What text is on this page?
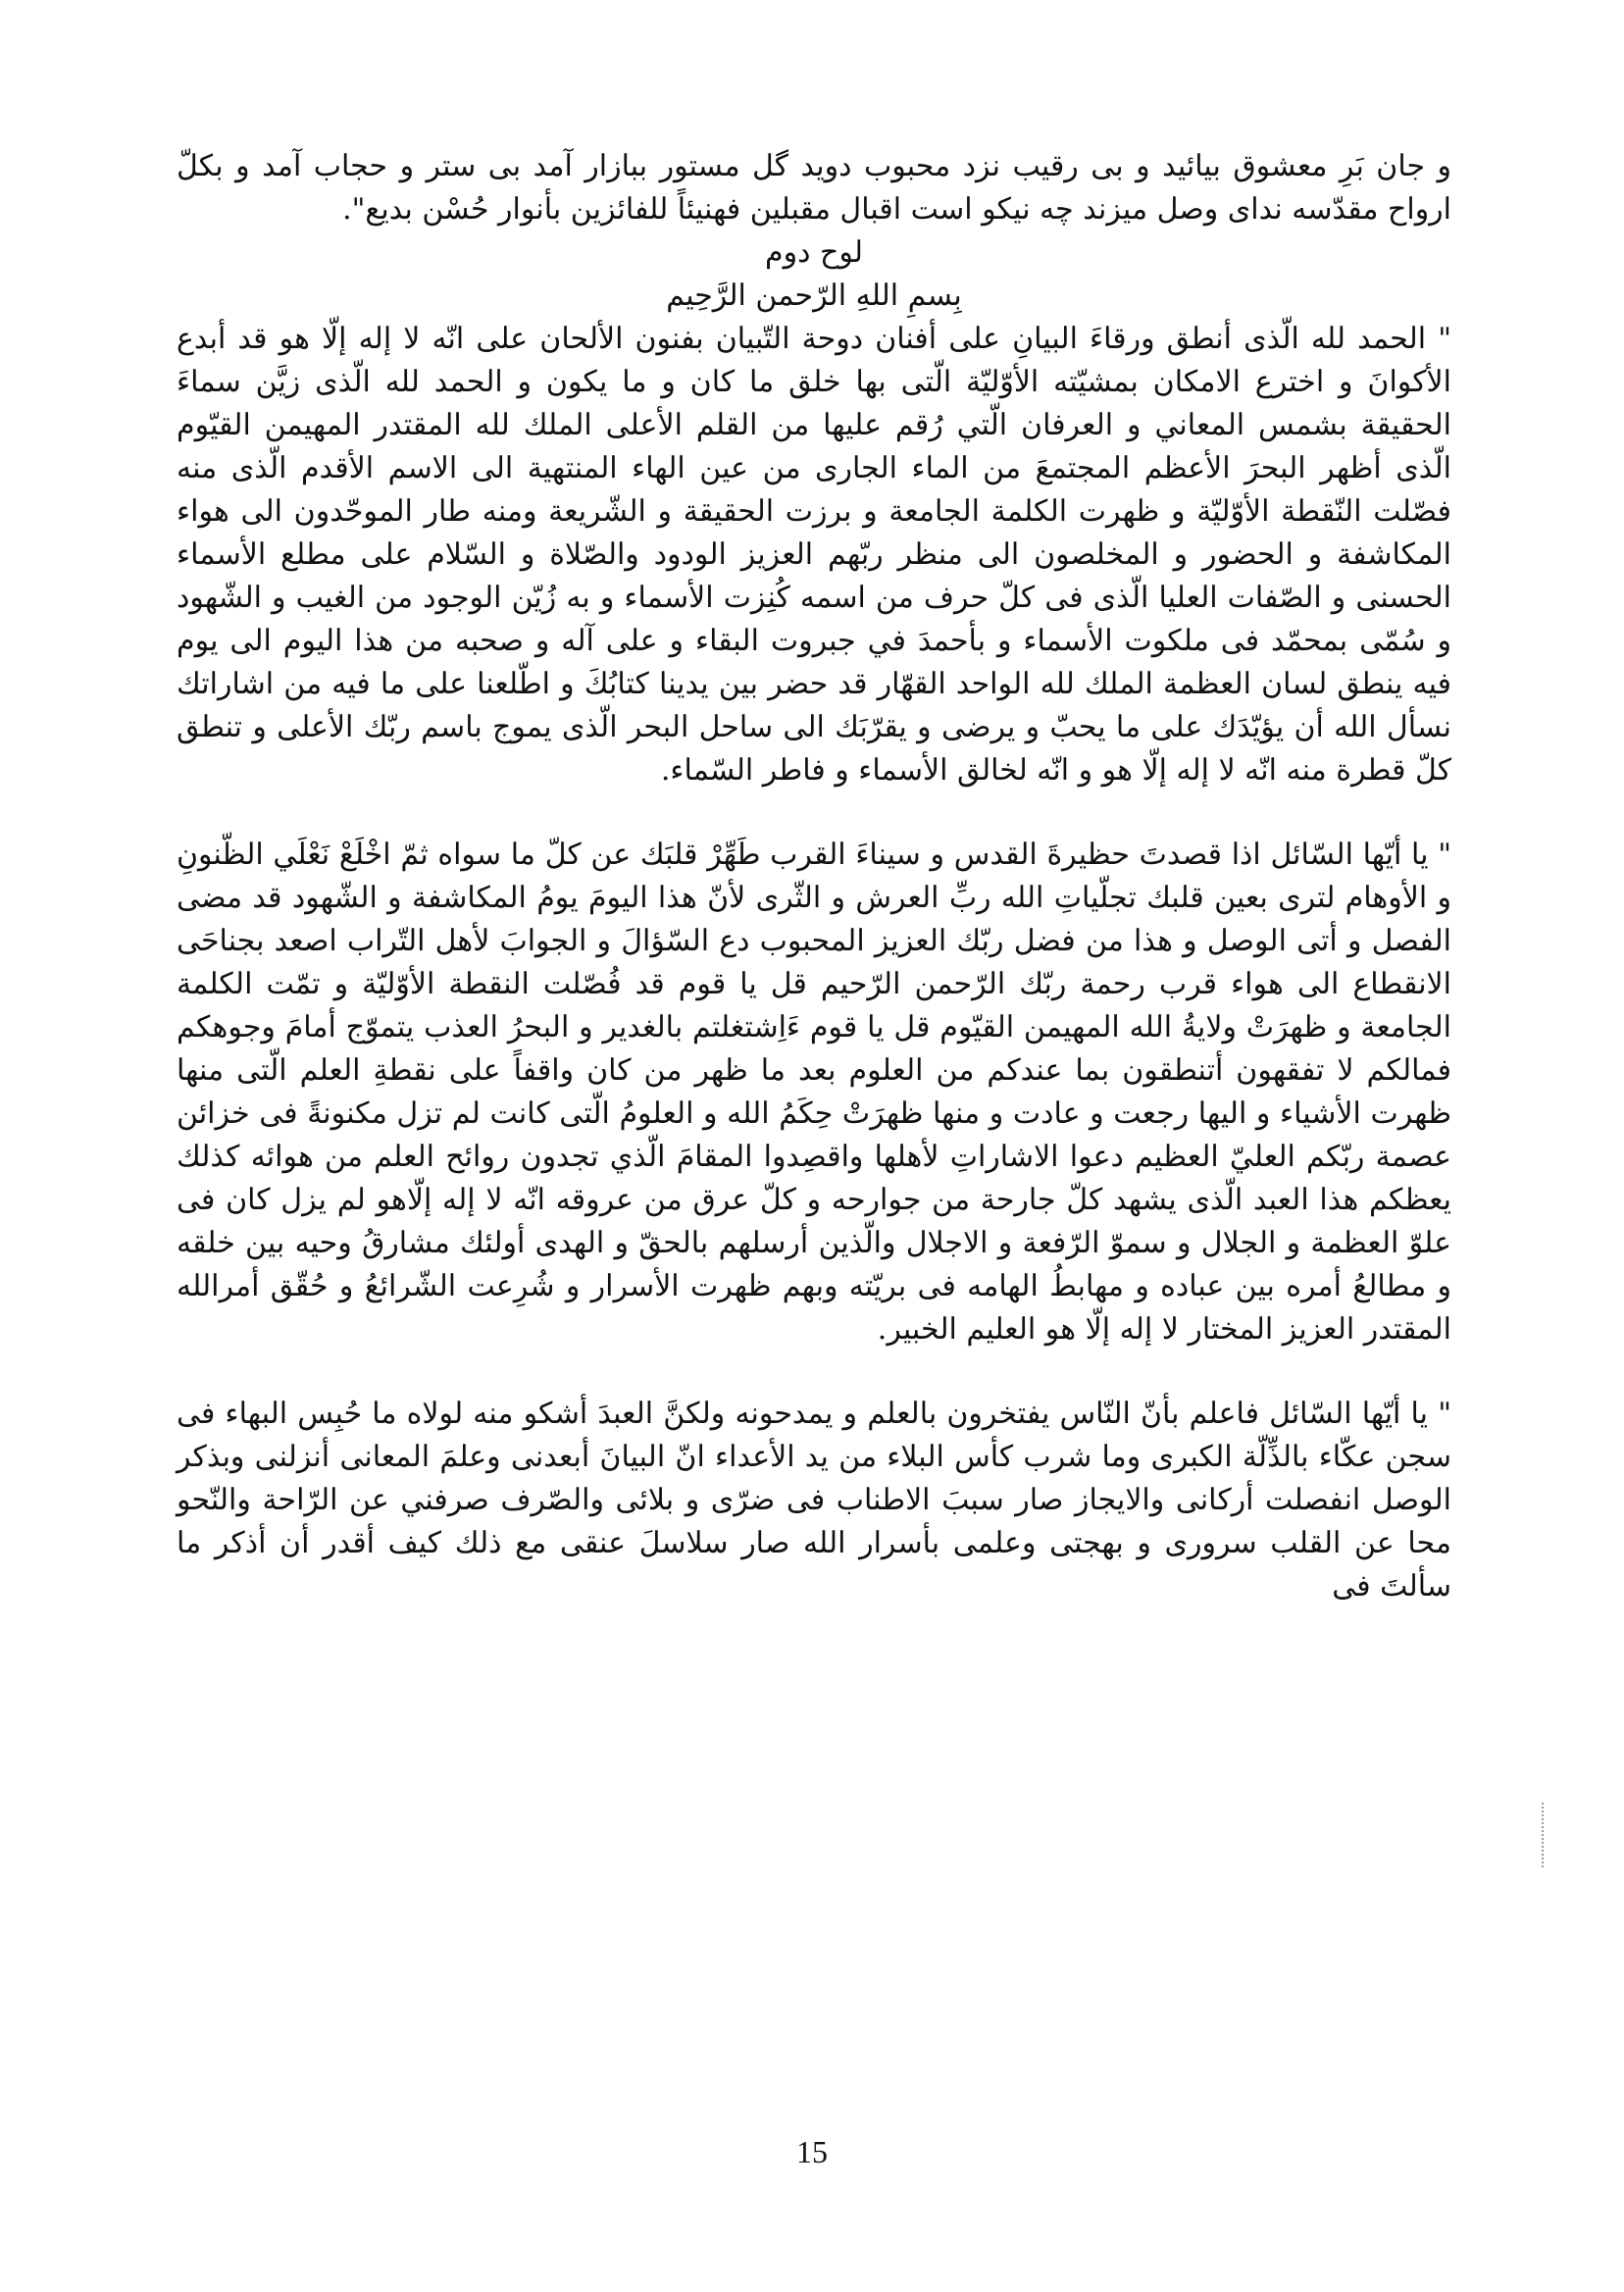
و جان بَرِ معشوق بيائيد و بی رقيب نزد محبوب دويد گل مستور ببازار آمد بی ستر و حجاب آمد و بکلّ ارواح مقدّسه ندای وصل ميزند چه نيکو است اقبال مقبلين فهنيئاً للفائزين بأنوار حُسْن بديع".

لوح دوم

بِسمِ اللهِ الرّحمن الرَّحِيم

" الحمد لله الّذی أنطق ورقاءَ البيانِ علی أفنان دوحة التّبيان بفنون الألحان علی انّه لا إله إلّا هو قد أبدع الأكوانَ و اخترع الامكان بمشيّته الأوّليّة الّتی بها خلق ما كان و ما يكون و الحمد لله الّذی زيَّن سماءَ الحقيقة بشمس المعاني و العرفان الّتي رُقم عليها من القلم الأعلی الملك لله المقتدر المهيمن القيّوم الّذی أظهر البحرَ الأعظم المجتمعَ من الماء الجاری من عين الهاء المنتهية الی الاسم الأقدم الّذی منه فصّلت النّقطة الأوّليّة و ظهرت الكلمة الجامعة و برزت الحقيقة و الشّريعة ومنه طار الموحّدون الی هواء المكاشفة و الحضور و المخلصون الی منظر ربّهم العزيز الودود والصّلاة و السّلام علی مطلع الأسماء الحسنی و الصّفات العليا الّذی فی كلّ حرف من اسمه كُنِزت الأسماء و به زُيّن الوجود من الغيب و الشّهود و سُمّی بمحمّد فی ملكوت الأسماء و بأحمدَ في جبروت البقاء و علی آله و صحبه من هذا اليوم الی يوم فيه ينطق لسان العظمة الملك لله الواحد القهّار قد حضر بين يدينا كتابُكَ و اطّلعنا علی ما فيه من اشاراتك نسأل الله أن يؤيّدَك علی ما يحبّ و يرضی و يقرّبَك الی ساحل البحر الّذی يموج باسم ربّك الأعلی و تنطق كلّ قطرة منه انّه لا إله إلّا هو و انّه لخالق الأسماء و فاطر السّماء.

" يا أيّها السّائل اذا قصدتَ حظيرةَ القدس و سيناءَ القرب طَهِّرْ قلبَك عن كلّ ما سواه ثمّ اخْلَعْ نَعْلَي الظّنونِ و الأوهام لترى بعين قلبك تجلّياتِ الله ربِّ العرش و الثّرى لأنّ هذا اليومَ يومُ المكاشفة و الشّهود قد مضی الفصل و أتی الوصل و هذا من فضل ربّك العزيز المحبوب دع السّؤالَ و الجوابَ لأهل التّراب اصعد بجناحَی الانقطاع الی هواء قرب رحمة ربّك الرّحمن الرّحيم قل يا قوم قد فُصّلت النقطة الأوّليّة و تمّت الكلمة الجامعة و ظهرَتْ ولايةُ الله المهيمن القيّوم قل يا قوم ءَاِشتغلتم بالغدير و البحرُ العذب يتموّج أمامَ وجوهكم فمالكم لا تفقهون أتنطقون بما عندكم من العلوم بعد ما ظهر من كان واقفاً علی نقطةِ العلم الّتی منها ظهرت الأشياء و اليها رجعت و عادت و منها ظهرَتْ حِكَمُ الله و العلومُ الّتی كانت لم تزل مكنونةً فی خزائن عصمة ربّكم العليّ العظيم دعوا الاشاراتِ لأهلها واقصِدوا المقامَ الّذي تجدون روائح العلم من هوائه كذلك يعظكم هذا العبد الّذی يشهد كلّ جارحة من جوارحه و كلّ عرق من عروقه انّه لا إله إلّاهو لم يزل كان فی علوّ العظمة و الجلال و سموّ الرّفعة و الاجلال والّذين أرسلهم بالحقّ و الهدی أولئك مشارقُ وحيه بين خلقه و مطالعُ أمره بين عباده و مهابطُ الهامه فی بريّته وبهم ظهرت الأسرار و شُرِعت الشّرائعُ و حُقّق أمرالله المقتدر العزيز المختار لا إله إلّا هو العليم الخبير.

" يا أيّها السّائل فاعلم بأنّ النّاس يفتخرون بالعلم و يمدحونه ولكنَّ العبدَ أشكو منه لولاه ما حُبِس البهاء فی سجن عكّاء بالذِّلّة الكبری وما شرب كأس البلاء من يد الأعداء انّ البيانَ أبعدنی وعلمَ المعانی أنزلنی وبذكر الوصل انفصلت أركانی والايجاز صار سببَ الاطناب فی ضرّی و بلائی والصّرف صرفني عن الرّاحة والنّحو محا عن القلب سروری و بهجتی وعلمی بأسرار الله صار سلاسلَ عنقی مع ذلك كيف أقدر أن أذكر ما سألتَ فی

15
